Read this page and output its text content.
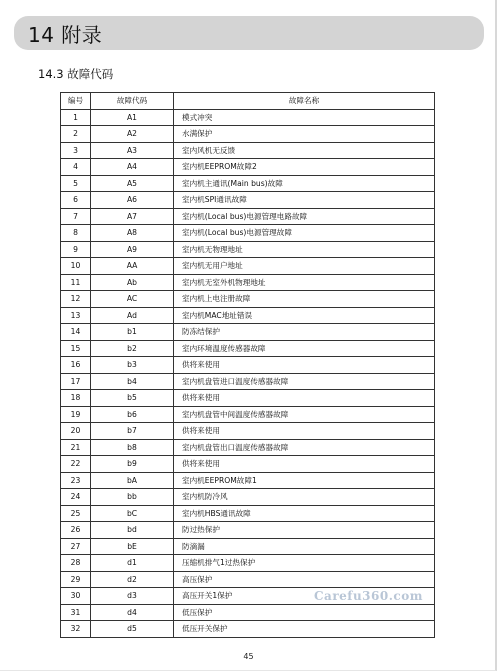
14 附录
14.3 故障代码
编号	故障代码	故障名称
1	A1	模式冲突
2	A2	水满保护
3	A3	室内风机无反馈
4	A4	室内机EEPROM故障2
5	A5	室内机主通讯(Main bus)故障
6	A6	室内机SPI通讯故障
7	A7	室内机(Local bus)电源管理电路故障
8	A8	室内机(Local bus)电源管理故障
9	A9	室内机无物理地址
10	AA	室内机无用户地址
11	Ab	室内机无室外机物理地址
12	AC	室内机上电注册故障
13	Ad	室内机MAC地址错误
14	b1	防冻结保护
15	b2	室内环境温度传感器故障
16	b3	供将来使用
17	b4	室内机盘管进口温度传感器故障
18	b5	供将来使用
19	b6	室内机盘管中间温度传感器故障
20	b7	供将来使用
21	b8	室内机盘管出口温度传感器故障
22	b9	供将来使用
23	bA	室内机EEPROM故障1
24	bb	室内机防冷风
25	bC	室内机HBS通讯故障
26	bd	防过热保护
27	bE	防滴漏
28	d1	压缩机排气1过热保护
29	d2	高压保护
30	d3	高压开关1保护
31	d4	低压保护
32	d5	低压开关保护
Carefu360.com
45
